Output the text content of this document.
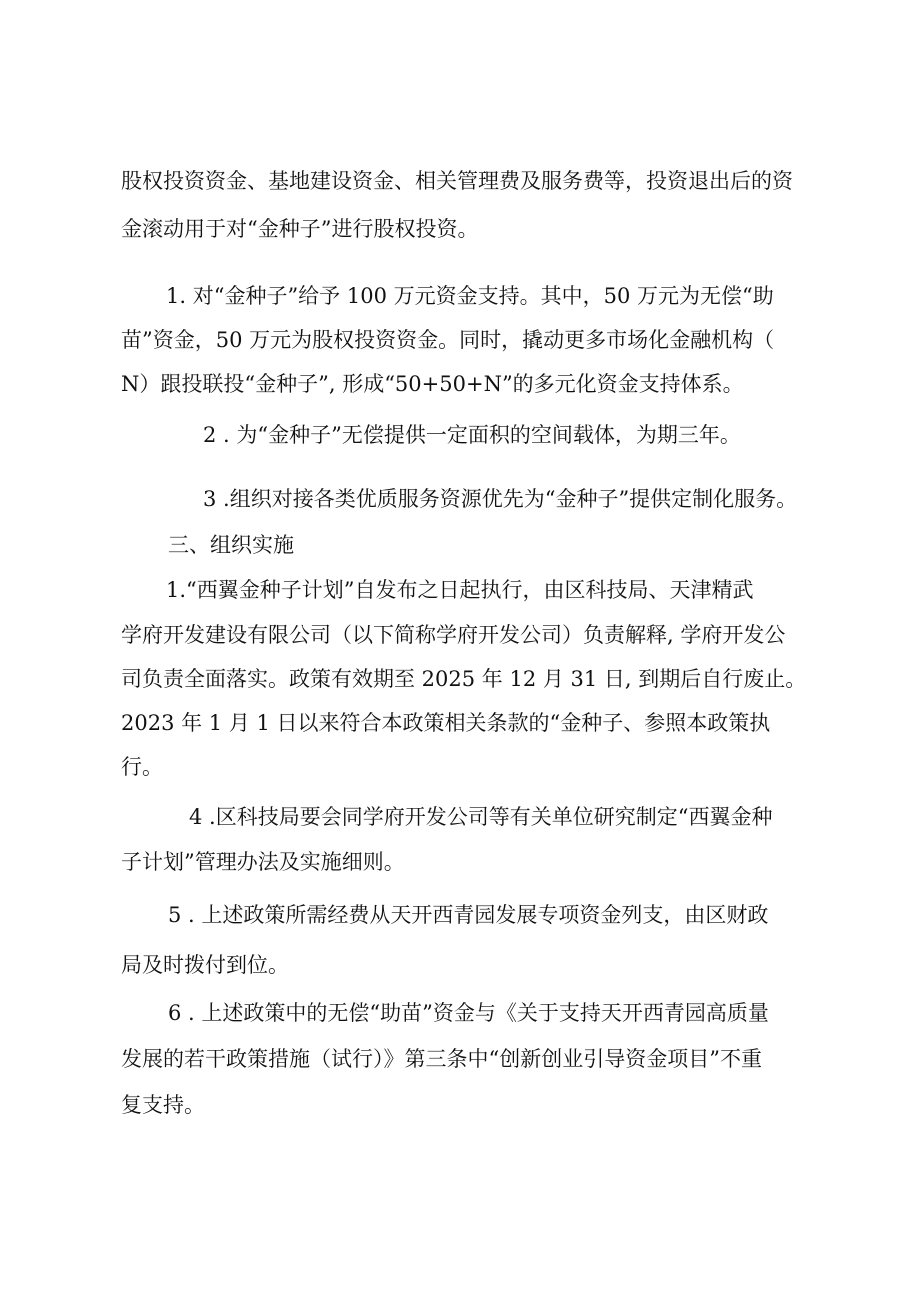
股权投资资金、基地建设资金、相关管理费及服务费等，投资退出后的资
金滚动用于对“金种子”进行股权投资。
1. 对“金种子”给予 100 万元资金支持。其中，50 万元为无偿“助
苗”资金，50 万元为股权投资资金。同时，撬动更多市场化金融机构（
N）跟投联投“金种子”, 形成“50+50+N”的多元化资金支持体系。
2 . 为“金种子”无偿提供一定面积的空间载体，为期三年。
3 .组织对接各类优质服务资源优先为“金种子”提供定制化服务。
三、组织实施
1.“西翼金种子计划”自发布之日起执行，由区科技局、天津精武
学府开发建设有限公司（以下简称学府开发公司）负责解释, 学府开发公
司负责全面落实。政策有效期至 2025 年 12 月 31 日, 到期后自行废止。
2023 年 1 月 1 日以来符合本政策相关条款的“金种子、参照本政策执
行。
4 .区科技局要会同学府开发公司等有关单位研究制定“西翼金种
子计划”管理办法及实施细则。
5 . 上述政策所需经费从天开西青园发展专项资金列支，由区财政
局及时拨付到位。
6 . 上述政策中的无偿“助苗”资金与《关于支持天开西青园高质量
发展的若干政策措施（试行）》第三条中“创新创业引导资金项目”不重
复支持。
